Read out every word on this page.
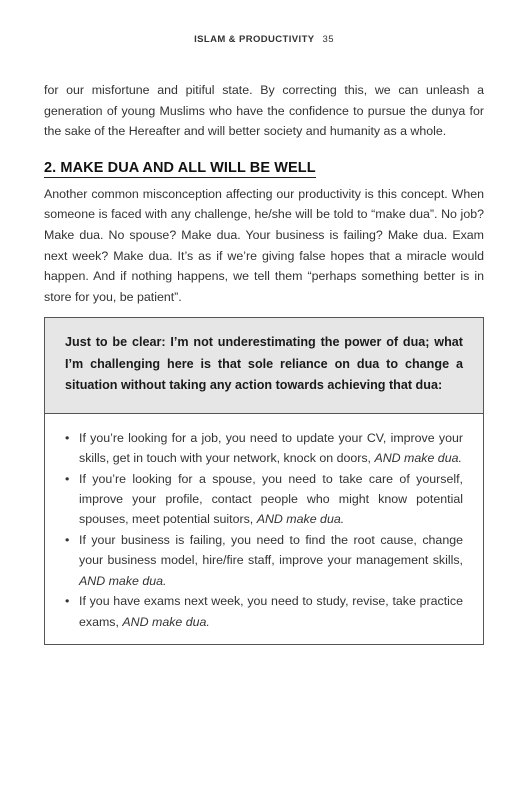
ISLAM & PRODUCTIVITY 35

for our misfortune and pitiful state. By correcting this, we can unleash a generation of young Muslims who have the confidence to pursue the dunya for the sake of the Hereafter and will better society and humanity as a whole.

2. MAKE DUA AND ALL WILL BE WELL

Another common misconception affecting our productivity is this concept. When someone is faced with any challenge, he/she will be told to “make dua”. No job? Make dua. No spouse? Make dua. Your business is failing? Make dua. Exam next week? Make dua. It’s as if we’re giving false hopes that a miracle would happen. And if nothing happens, we tell them “perhaps something better is in store for you, be patient”.

Just to be clear: I’m not underestimating the power of dua; what I’m challenging here is that sole reliance on dua to change a situation without taking any action towards achieving that dua:
• If you’re looking for a job, you need to update your CV, improve your skills, get in touch with your network, knock on doors, AND make dua.
• If you’re looking for a spouse, you need to take care of yourself, improve your profile, contact people who might know potential spouses, meet potential suitors, AND make dua.
• If your business is failing, you need to find the root cause, change your business model, hire/fire staff, improve your management skills, AND make dua.
• If you have exams next week, you need to study, revise, take practice exams, AND make dua.
